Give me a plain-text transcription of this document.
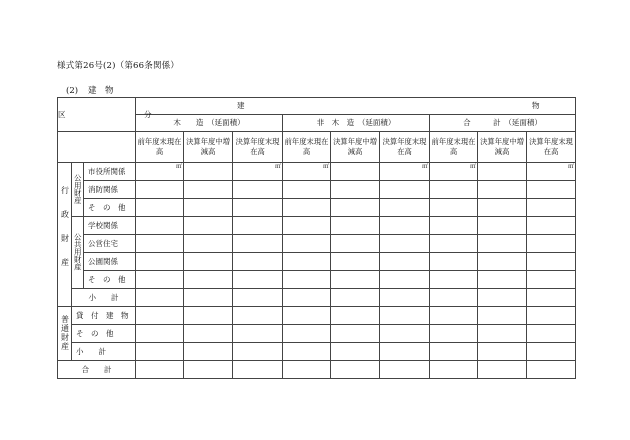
様式第26号(2)（第66条関係）
(2) 建　物
区　　　分			建 物								

			木　　造　（延面積）			非　木　造　（延面積）			合　　　計　（延面積）		
			前年度末現在高	決算年度中増減高	決算年度末現在高	前年度末現在高	決算年度中増減高	決算年度末現在高	前年度末現在高	決算年度中増減高	決算年度末現在高
行政財産	公用財産	市役所関係	㎡		㎡	㎡		㎡	㎡		㎡

		消防関係									
		そ　の　他									
	公共用財産	学校関係									
		公営住宅									
		公園関係									
		そ　の　他									
	小　　計										
普通財産	貸　付　建　物										
	そ　の　他										
	小　　計										
合　　計											
